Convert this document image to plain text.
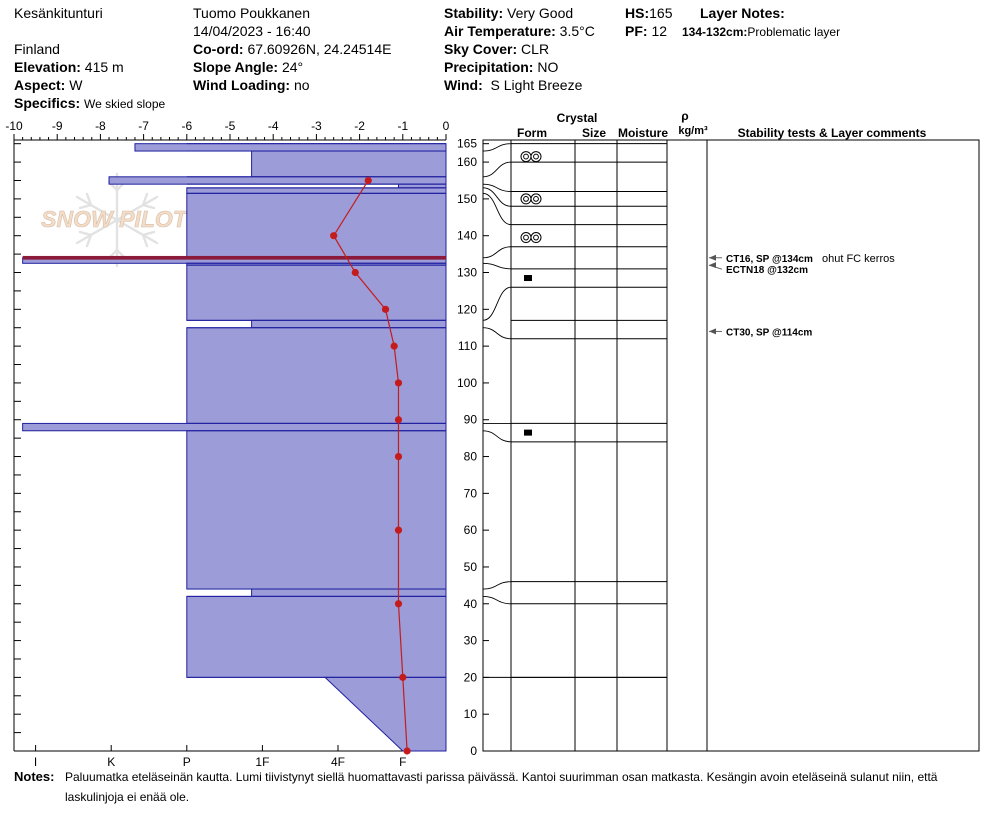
Kesänkitunturi
Finland
Elevation: 415 m
Aspect: W
Specifics: We skied slope
Tuomo Poukkanen
14/04/2023 - 16:40
Co-ord: 67.60926N, 24.24514E
Slope Angle: 24°
Wind Loading: no
Stability: Very Good
Air Temperature: 3.5°C
Sky Cover: CLR
Precipitation: NO
Wind: S Light Breeze
HS:165
PF: 12
Layer Notes:
134-132cm:Problematic layer
SNOW PILOT
-10 -9	-8	-7	-6	-5	-4	-3	-2	-1	0
0
10
20
30
40
50
60
70
80
90
100
110
120
130
140
150
160
165
I	K	P	1F	4F	F
CT16, SP @134cm ohut FC kerros
ECTN18 @132cm
CT30, SP @114cm
Crystal
Form	Size Moisture
ρ
kg/m³ Stability tests & Layer comments
Notes: Paluumatka eteläseinän kautta. Lumi tiivistynyt siellä huomattavasti parissa päivässä. Kantoi suurimman osan matkasta. Kesängin avoin eteläseinä sulanut niin, että laskulinjoja ei enää ole.
